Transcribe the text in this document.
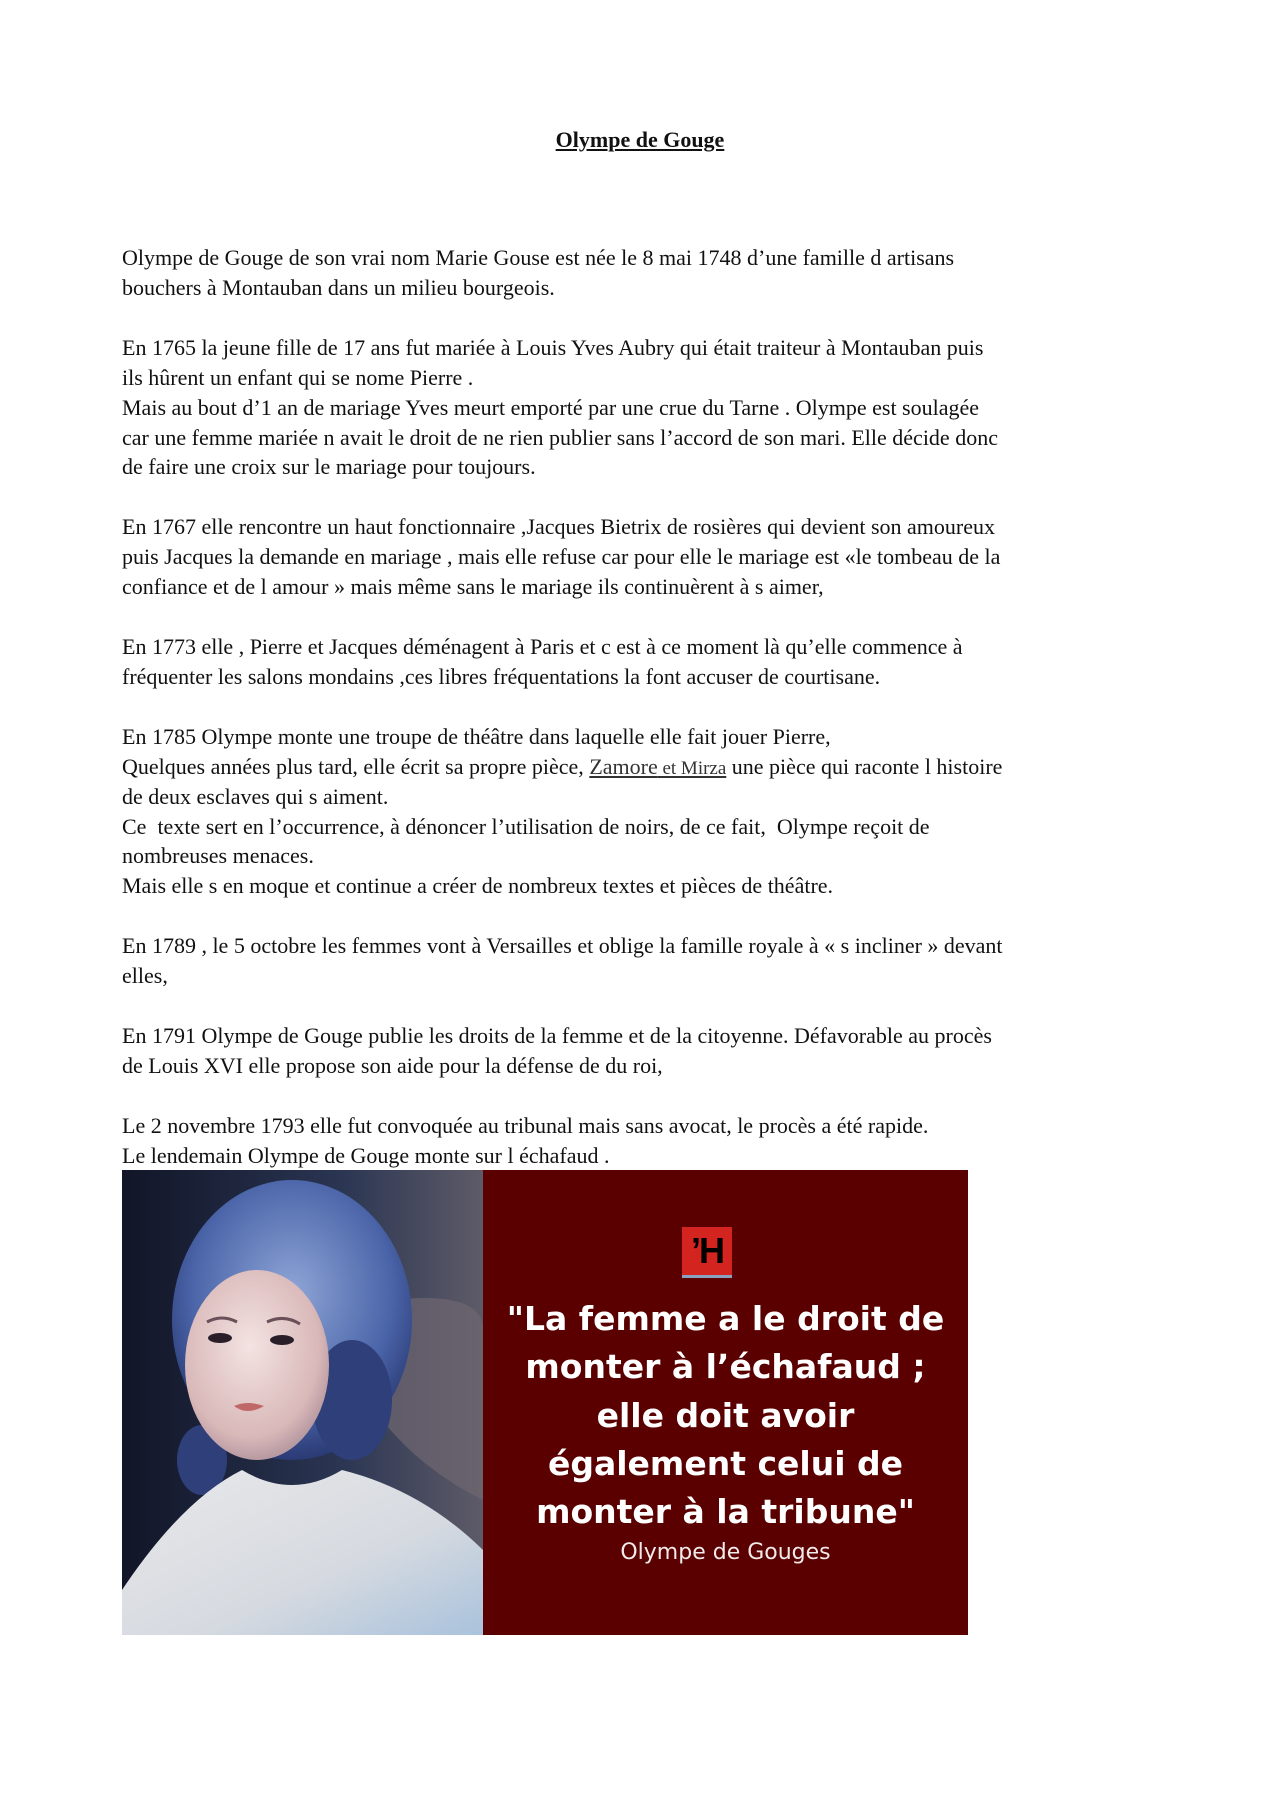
Olympe de Gouge
Olympe de Gouge de son vrai nom Marie Gouse est née le 8 mai 1748 d’une famille d artisans
bouchers à Montauban dans un milieu bourgeois.
En 1765 la jeune fille de 17 ans fut mariée à Louis Yves Aubry qui était traiteur à Montauban puis
ils hûrent un enfant qui se nome Pierre .
Mais au bout d’1 an de mariage Yves meurt emporté par une crue du Tarne . Olympe est soulagée
car une femme mariée n avait le droit de ne rien publier sans l’accord de son mari. Elle décide donc
de faire une croix sur le mariage pour toujours.
En 1767 elle rencontre un haut fonctionnaire ,Jacques Bietrix de rosières qui devient son amoureux
puis Jacques la demande en mariage , mais elle refuse car pour elle le mariage est «le tombeau de la
confiance et de l amour » mais même sans le mariage ils continuèrent à s aimer,
En 1773 elle , Pierre et Jacques déménagent à Paris et c est à ce moment là qu’elle commence à
fréquenter les salons mondains ,ces libres fréquentations la font accuser de courtisane.
En 1785 Olympe monte une troupe de théâtre dans laquelle elle fait jouer Pierre,
Quelques années plus tard, elle écrit sa propre pièce, Zamore et Mirza une pièce qui raconte l histoire
de deux esclaves qui s aiment.
Ce  texte sert en l’occurrence, à dénoncer l’utilisation de noirs, de ce fait,  Olympe reçoit de
nombreuses menaces.
Mais elle s en moque et continue a créer de nombreux textes et pièces de théâtre.
En 1789 , le 5 octobre les femmes vont à Versailles et oblige la famille royale à « s incliner » devant
elles,
En 1791 Olympe de Gouge publie les droits de la femme et de la citoyenne. Défavorable au procès
de Louis XVI elle propose son aide pour la défense de du roi,
Le 2 novembre 1793 elle fut convoquée au tribunal mais sans avocat, le procès a été rapide.
Le lendemain Olympe de Gouge monte sur l échafaud .
’H
"La femme a le droit de
monter à l’échafaud ;
elle doit avoir
également celui de
monter à la tribune"
Olympe de Gouges
